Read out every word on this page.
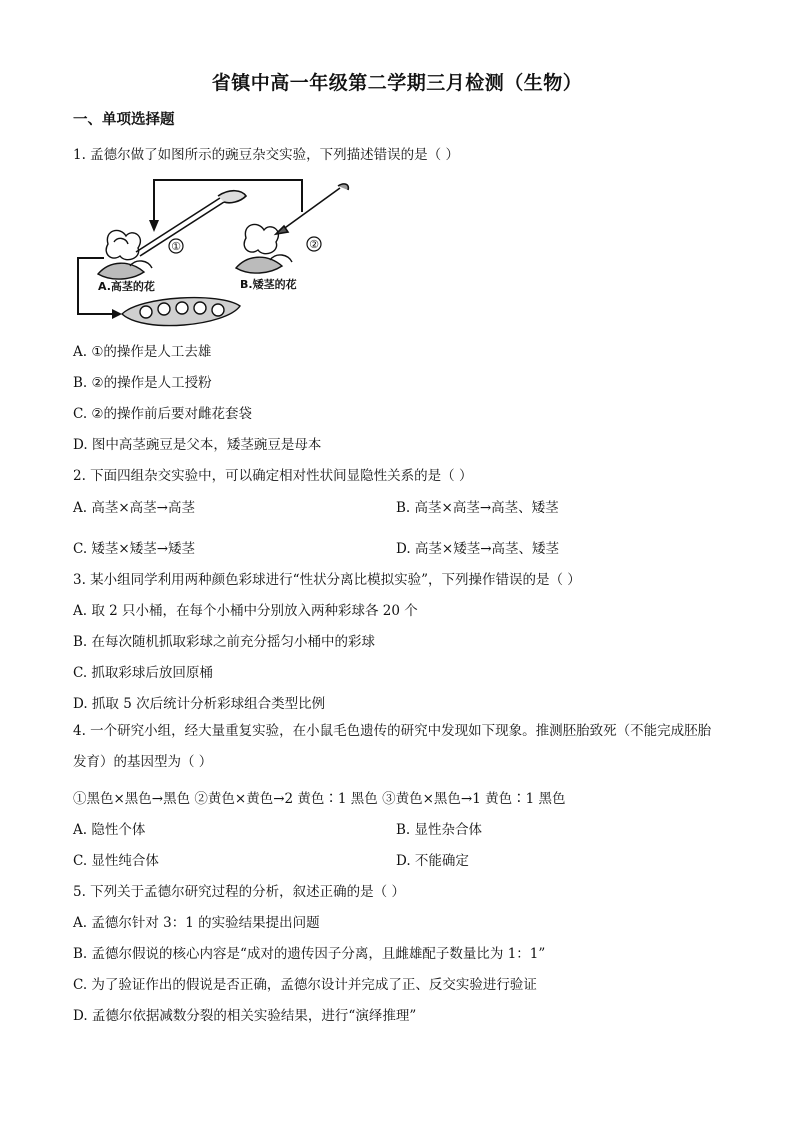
省镇中高一年级第二学期三月检测（生物）
一、单项选择题
1. 孟德尔做了如图所示的豌豆杂交实验，下列描述错误的是（ ）
①	②
A.高茎的花	B.矮茎的花
A. ①的操作是人工去雄
B. ②的操作是人工授粉
C. ②的操作前后要对雌花套袋
D. 图中高茎豌豆是父本，矮茎豌豆是母本
2. 下面四组杂交实验中，可以确定相对性状间显隐性关系的是（ ）
A. 高茎×高茎→高茎	B. 高茎×高茎→高茎、矮茎
C. 矮茎×矮茎→矮茎	D. 高茎×矮茎→高茎、矮茎
3. 某小组同学利用两种颜色彩球进行“性状分离比模拟实验”，下列操作错误的是（ ）
A. 取 2 只小桶，在每个小桶中分别放入两种彩球各 20 个
B. 在每次随机抓取彩球之前充分摇匀小桶中的彩球
C. 抓取彩球后放回原桶
D. 抓取 5 次后统计分析彩球组合类型比例
4. 一个研究小组，经大量重复实验，在小鼠毛色遗传的研究中发现如下现象。推测胚胎致死（不能完成胚胎发育）的基因型为（ ）
①黑色×黑色→黑色 ②黄色×黄色→2 黄色∶1 黑色 ③黄色×黑色→1 黄色∶1 黑色
A. 隐性个体	B. 显性杂合体
C. 显性纯合体	D. 不能确定
5. 下列关于孟德尔研究过程的分析，叙述正确的是（ ）
A. 孟德尔针对 3：1 的实验结果提出问题
B. 孟德尔假说的核心内容是“成对的遗传因子分离，且雌雄配子数量比为 1：1”
C. 为了验证作出的假说是否正确，孟德尔设计并完成了正、反交实验进行验证
D. 孟德尔依据减数分裂的相关实验结果，进行“演绎推理”
